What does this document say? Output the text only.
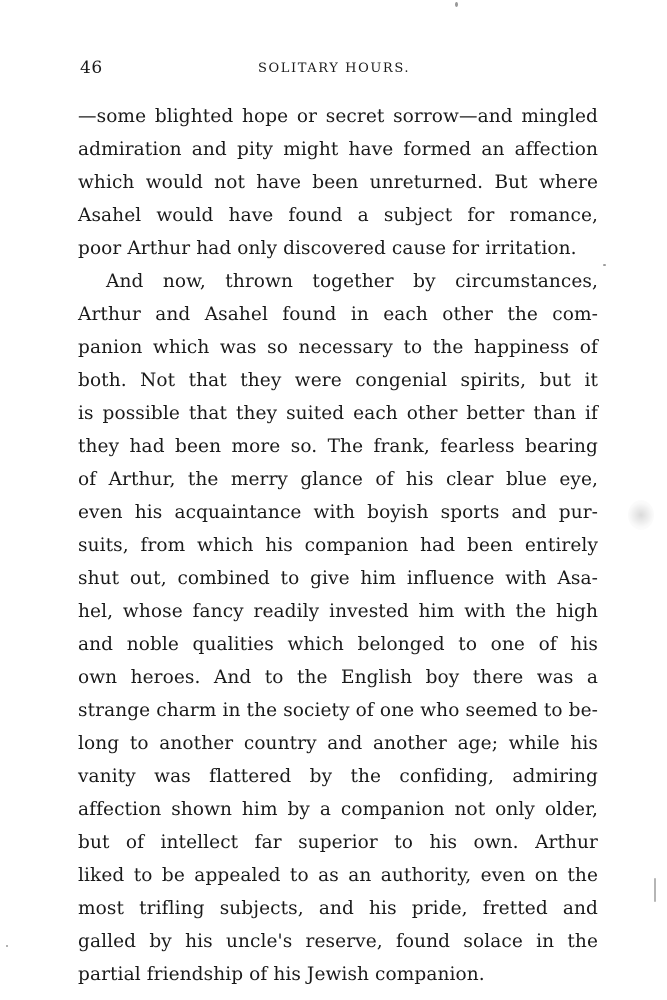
46	SOLITARY HOURS.
—some blighted hope or secret sorrow—and mingled
admiration and pity might have formed an affection
which would not have been unreturned. But where
Asahel would have found a subject for romance,
poor Arthur had only discovered cause for irritation.
And now, thrown together by circumstances,
Arthur and Asahel found in each other the com-
panion which was so necessary to the happiness of
both. Not that they were congenial spirits, but it
is possible that they suited each other better than if
they had been more so. The frank, fearless bearing
of Arthur, the merry glance of his clear blue eye,
even his acquaintance with boyish sports and pur-
suits, from which his companion had been entirely
shut out, combined to give him influence with Asa-
hel, whose fancy readily invested him with the high
and noble qualities which belonged to one of his
own heroes. And to the English boy there was a
strange charm in the society of one who seemed to be-
long to another country and another age; while his
vanity was flattered by the confiding, admiring
affection shown him by a companion not only older,
but of intellect far superior to his own. Arthur
liked to be appealed to as an authority, even on the
most trifling subjects, and his pride, fretted and
galled by his uncle's reserve, found solace in the
partial friendship of his Jewish companion.
